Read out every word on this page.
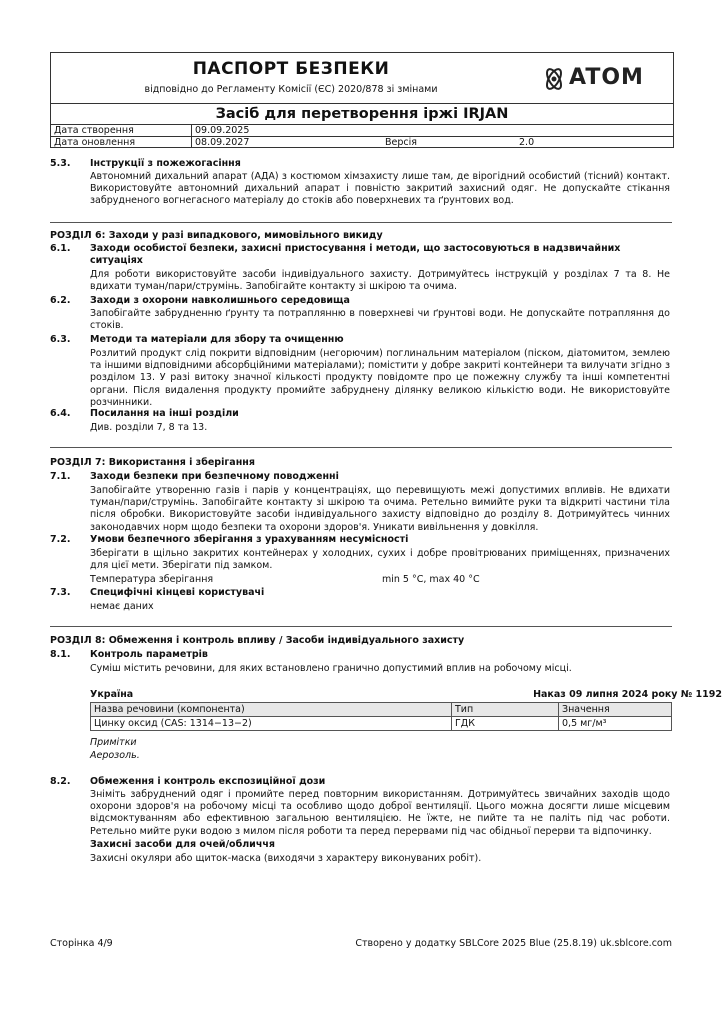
ПАСПОРТ БЕЗПЕКИ
відповідно до Регламенту Комісії (ЄС) 2020/878 зі змінами	ATOM
Засіб для перетворення іржі IRJAN
Дата створення	09.09.2025
Дата оновлення	08.09.2027	Версія	2.0
5.3. Інструкції з пожежогасіння
Автономний дихальний апарат (АДА) з костюмом хімзахисту лише там, де вірогідний особистий (тісний) контакт. Використовуйте автономний дихальний апарат і повністю закритий захисний одяг. Не допускайте стікання забрудненого вогнегасного матеріалу до стоків або поверхневих та ґрунтових вод.
РОЗДІЛ 6: Заходи у разі випадкового, мимовільного викиду
6.1. Заходи особистої безпеки, захисні пристосування і методи, що застосовуються в надзвичайних ситуаціях
Для роботи використовуйте засоби індивідуального захисту. Дотримуйтесь інструкцій у розділах 7 та 8. Не вдихати туман/пари/струмінь. Запобігайте контакту зі шкірою та очима.
6.2. Заходи з охорони навколишнього середовища
Запобігайте забрудненню ґрунту та потраплянню в поверхневі чи ґрунтові води. Не допускайте потрапляння до стоків.
6.3. Методи та матеріали для збору та очищенню
Розлитий продукт слід покрити відповідним (негорючим) поглинальним матеріалом (піском, діатомитом, землею та іншими відповідними абсорбційними матеріалами); помістити у добре закриті контейнери та вилучати згідно з розділом 13. У разі витоку значної кількості продукту повідомте про це пожежну службу та інші компетентні органи. Після видалення продукту промийте забруднену ділянку великою кількістю води. Не використовуйте розчинники.
6.4. Посилання на інші розділи
Див. розділи 7, 8 та 13.
РОЗДІЛ 7: Використання і зберігання
7.1. Заходи безпеки при безпечному поводженні
Запобігайте утворенню газів і парів у концентраціях, що перевищують межі допустимих впливів. Не вдихати туман/пари/струмінь. Запобігайте контакту зі шкірою та очима. Ретельно вимийте руки та відкриті частини тіла після обробки. Використовуйте засоби індивідуального захисту відповідно до розділу 8. Дотримуйтесь чинних законодавчих норм щодо безпеки та охорони здоров'я. Уникати вивільнення у довкілля.
7.2. Умови безпечного зберігання з урахуванням несумісності
Зберігати в щільно закритих контейнерах у холодних, сухих і добре провітрюваних приміщеннях, призначених для цієї мети. Зберігати під замком.
Температура зберігання	min 5 °C, max 40 °C
7.3. Специфічні кінцеві користувачі
немає даних
РОЗДІЛ 8: Обмеження і контроль впливу / Засоби індивідуального захисту
8.1. Контроль параметрів
Суміш містить речовини, для яких встановлено гранично допустимий вплив на робочому місці.
Україна	Наказ 09 липня 2024 року № 1192
Назва речовини (компонента)	Тип	Значення
Цинку оксид (CAS: 1314−13−2)	ГДК	0,5 мг/м³
Примітки
Аерозоль.
8.2. Обмеження і контроль експозиційної дози
Зніміть забруднений одяг і промийте перед повторним використанням. Дотримуйтесь звичайних заходів щодо охорони здоров'я на робочому місці та особливо щодо доброї вентиляції. Цього можна досягти лише місцевим відсмоктуванням або ефективною загальною вентиляцією. Не їжте, не пийте та не паліть під час роботи. Ретельно мийте руки водою з милом після роботи та перед перервами під час обідньої перерви та відпочинку.
Захисні засоби для очей/обличчя
Захисні окуляри або щиток-маска (виходячи з характеру виконуваних робіт).
Сторінка 4/9	Створено у додатку SBLCore 2025 Blue (25.8.19) uk.sblcore.com
